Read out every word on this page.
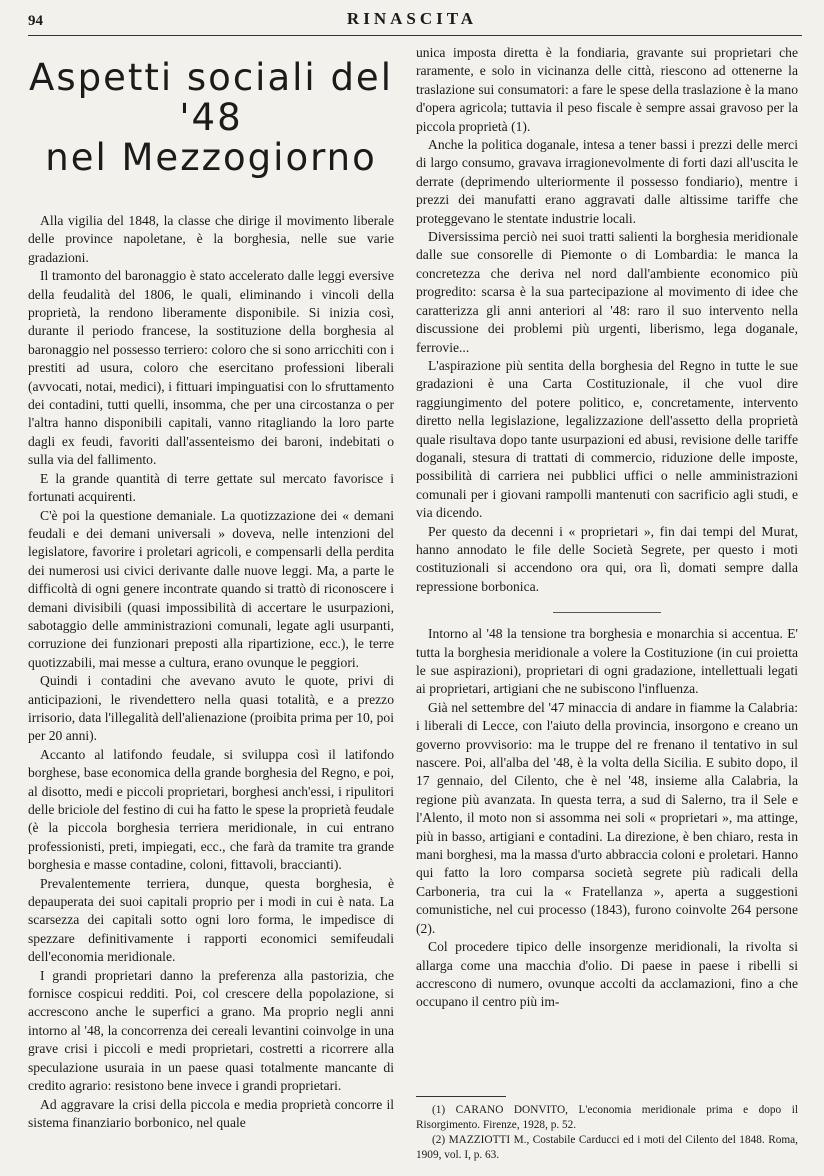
94	RINASCITA
Aspetti sociali del '48
nel Mezzogiorno

Alla vigilia del 1848, la classe che dirige il movimento liberale delle province napoletane, è la borghesia, nelle sue varie gradazioni.

Il tramonto del baronaggio è stato accelerato dalle leggi eversive della feudalità del 1806, le quali, eliminando i vincoli della proprietà, la rendono liberamente disponibile. Si inizia così, durante il periodo francese, la sostituzione della borghesia al baronaggio nel possesso terriero: coloro che si sono arricchiti con i prestiti ad usura, coloro che esercitano professioni liberali (avvocati, notai, medici), i fittuari impinguatisi con lo sfruttamento dei contadini, tutti quelli, insomma, che per una circostanza o per l'altra hanno disponibili capitali, vanno ritagliando la loro parte dagli ex feudi, favoriti dall'assenteismo dei baroni, indebitati o sulla via del fallimento.

E la grande quantità di terre gettate sul mercato favorisce i fortunati acquirenti.

C'è poi la questione demaniale. La quotizzazione dei « demani feudali e dei demani universali » doveva, nelle intenzioni del legislatore, favorire i proletari agricoli, e compensarli della perdita dei numerosi usi civici derivante dalle nuove leggi. Ma, a parte le difficoltà di ogni genere incontrate quando si trattò di riconoscere i demani divisibili (quasi impossibilità di accertare le usurpazioni, sabotaggio delle amministrazioni comunali, legate agli usurpanti, corruzione dei funzionari preposti alla ripartizione, ecc.), le terre quotizzabili, mai messe a cultura, erano ovunque le peggiori.

Quindi i contadini che avevano avuto le quote, privi di anticipazioni, le rivendettero nella quasi totalità, e a prezzo irrisorio, data l'illegalità dell'alienazione (proibita prima per 10, poi per 20 anni).

Accanto al latifondo feudale, si sviluppa così il latifondo borghese, base economica della grande borghesia del Regno, e poi, al disotto, medi e piccoli proprietari, borghesi anch'essi, i ripulitori delle briciole del festino di cui ha fatto le spese la proprietà feudale (è la piccola borghesia terriera meridionale, in cui entrano professionisti, preti, impiegati, ecc., che farà da tramite tra grande borghesia e masse contadine, coloni, fittavoli, braccianti).

Prevalentemente terriera, dunque, questa borghesia, è depauperata dei suoi capitali proprio per i modi in cui è nata. La scarsezza dei capitali sotto ogni loro forma, le impedisce di spezzare definitivamente i rapporti economici semifeudali dell'economia meridionale.

I grandi proprietari danno la preferenza alla pastorizia, che fornisce cospicui redditi. Poi, col crescere della popolazione, si accrescono anche le superfici a grano. Ma proprio negli anni intorno al '48, la concorrenza dei cereali levantini coinvolge in una grave crisi i piccoli e medi proprietari, costretti a ricorrere alla speculazione usuraia in un paese quasi totalmente mancante di credito agrario: resistono bene invece i grandi proprietari.

Ad aggravare la crisi della piccola e media proprietà concorre il sistema finanziario borbonico, nel quale

unica imposta diretta è la fondiaria, gravante sui proprietari che raramente, e solo in vicinanza delle città, riescono ad ottenerne la traslazione sui consumatori: a fare le spese della traslazione è la mano d'opera agricola; tuttavia il peso fiscale è sempre assai gravoso per la piccola proprietà (1).

Anche la politica doganale, intesa a tener bassi i prezzi delle merci di largo consumo, gravava irragionevolmente di forti dazi all'uscita le derrate (deprimendo ulteriormente il possesso fondiario), mentre i prezzi dei manufatti erano aggravati dalle altissime tariffe che proteggevano le stentate industrie locali.

Diversissima perciò nei suoi tratti salienti la borghesia meridionale dalle sue consorelle di Piemonte o di Lombardia: le manca la concretezza che deriva nel nord dall'ambiente economico più progredito: scarsa è la sua partecipazione al movimento di idee che caratterizza gli anni anteriori al '48: raro il suo intervento nella discussione dei problemi più urgenti, liberismo, lega doganale, ferrovie...

L'aspirazione più sentita della borghesia del Regno in tutte le sue gradazioni è una Carta Costituzionale, il che vuol dire raggiungimento del potere politico, e, concretamente, intervento diretto nella legislazione, legalizzazione dell'assetto della proprietà quale risultava dopo tante usurpazioni ed abusi, revisione delle tariffe doganali, stesura di trattati di commercio, riduzione delle imposte, possibilità di carriera nei pubblici uffici o nelle amministrazioni comunali per i giovani rampolli mantenuti con sacrificio agli studi, e via dicendo.

Per questo da decenni i « proprietari », fin dai tempi del Murat, hanno annodato le file delle Società Segrete, per questo i moti costituzionali si accendono ora qui, ora lì, domati sempre dalla repressione borbonica.

Intorno al '48 la tensione tra borghesia e monarchia si accentua. E' tutta la borghesia meridionale a volere la Costituzione (in cui proietta le sue aspirazioni), proprietari di ogni gradazione, intellettuali legati ai proprietari, artigiani che ne subiscono l'influenza.

Già nel settembre del '47 minaccia di andare in fiamme la Calabria: i liberali di Lecce, con l'aiuto della provincia, insorgono e creano un governo provvisorio: ma le truppe del re frenano il tentativo in sul nascere. Poi, all'alba del '48, è la volta della Sicilia. E subito dopo, il 17 gennaio, del Cilento, che è nel '48, insieme alla Calabria, la regione più avanzata. In questa terra, a sud di Salerno, tra il Sele e l'Alento, il moto non si assomma nei soli « proprietari », ma attinge, più in basso, artigiani e contadini. La direzione, è ben chiaro, resta in mani borghesi, ma la massa d'urto abbraccia coloni e proletari. Hanno qui fatto la loro comparsa società segrete più radicali della Carboneria, tra cui la « Fratellanza », aperta a suggestioni comunistiche, nel cui processo (1843), furono coinvolte 264 persone (2).

Col procedere tipico delle insorgenze meridionali, la rivolta si allarga come una macchia d'olio. Di paese in paese i ribelli si accrescono di numero, ovunque accolti da acclamazioni, fino a che occupano il centro più im-

(1) CARANO DONVITO, L'economia meridionale prima e dopo il Risorgimento. Firenze, 1928, p. 52.

(2) MAZZIOTTI M., Costabile Carducci ed i moti del Cilento del 1848. Roma, 1909, vol. I, p. 63.
